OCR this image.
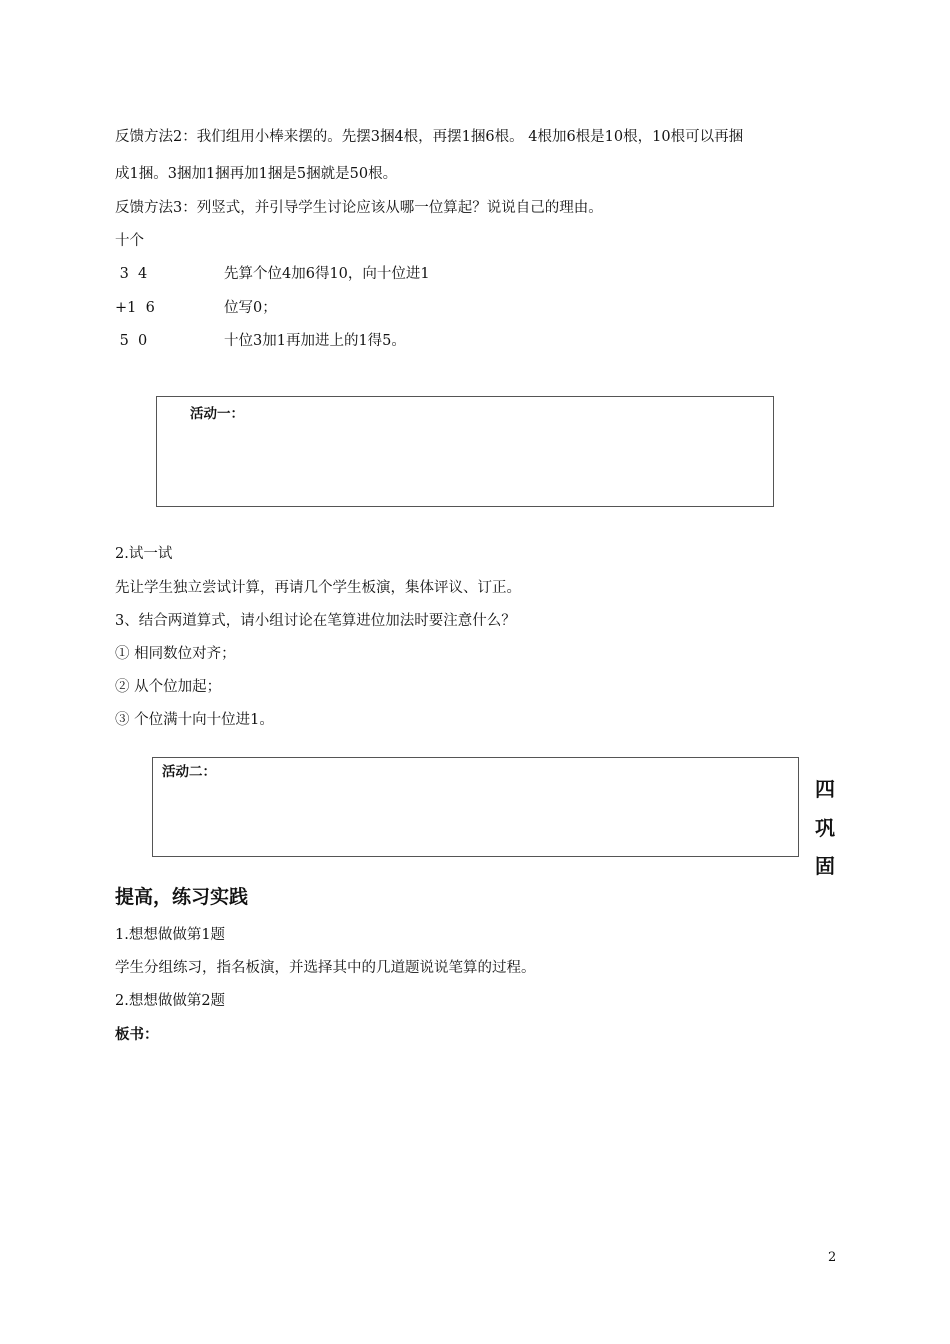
反馈方法2：我们组用小棒来摆的。先摆3捆4根，再摆1捆6根。 4根加6根是10根，10根可以再捆
成1捆。3捆加1捆再加1捆是5捆就是50根。
反馈方法3：列竖式，并引导学生讨论应该从哪一位算起？说说自己的理由。
十个
3  4	先算个位4加6得10，向十位进1
+1  6	位写0；
5  0	十位3加1再加进上的1得5。
活动一：
2.试一试
先让学生独立尝试计算，再请几个学生板演，集体评议、订正。
3、结合两道算式，请小组讨论在笔算进位加法时要注意什么？
① 相同数位对齐；
② 从个位加起；
③ 个位满十向十位进1。
活动二：
四
巩
固
提高，练习实践
1.想想做做第1题
学生分组练习，指名板演，并选择其中的几道题说说笔算的过程。
2.想想做做第2题
板书：
2
